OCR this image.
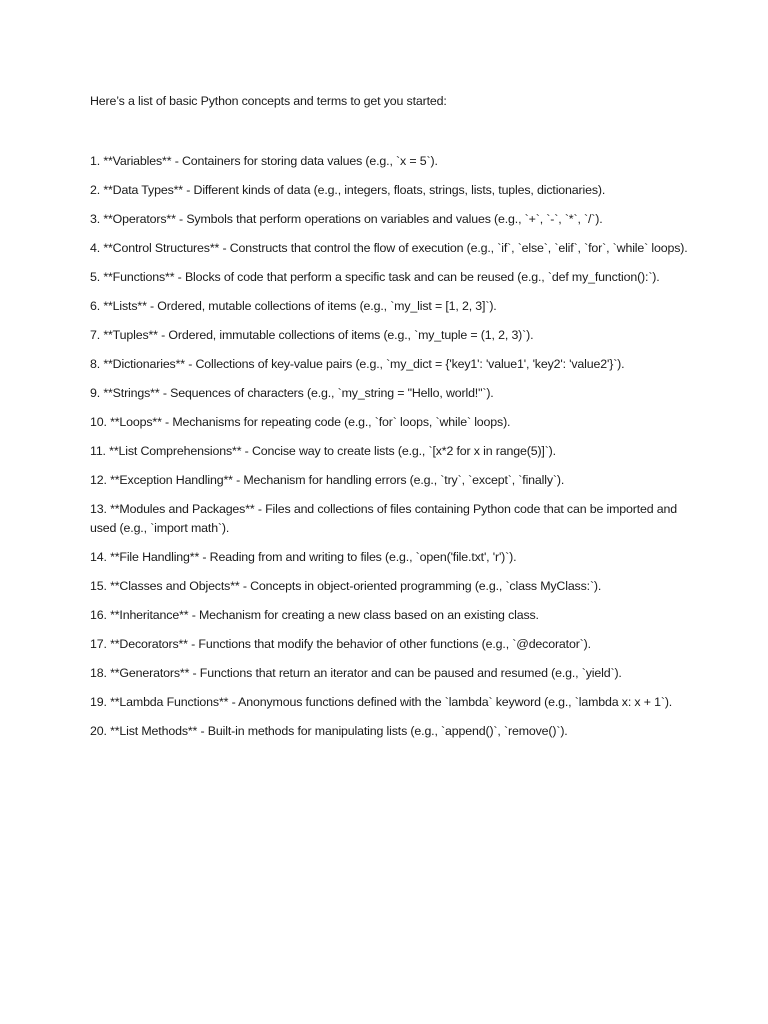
Here’s a list of basic Python concepts and terms to get you started:

1. **Variables** - Containers for storing data values (e.g., `x = 5`).
2. **Data Types** - Different kinds of data (e.g., integers, floats, strings, lists, tuples, dictionaries).
3. **Operators** - Symbols that perform operations on variables and values (e.g., `+`, `-`, `*`, `/`).
4. **Control Structures** - Constructs that control the flow of execution (e.g., `if`, `else`, `elif`, `for`, `while` loops).
5. **Functions** - Blocks of code that perform a specific task and can be reused (e.g., `def my_function():`).
6. **Lists** - Ordered, mutable collections of items (e.g., `my_list = [1, 2, 3]`).
7. **Tuples** - Ordered, immutable collections of items (e.g., `my_tuple = (1, 2, 3)`).
8. **Dictionaries** - Collections of key-value pairs (e.g., `my_dict = {'key1': 'value1', 'key2': 'value2'}`).
9. **Strings** - Sequences of characters (e.g., `my_string = "Hello, world!"`).
10. **Loops** - Mechanisms for repeating code (e.g., `for` loops, `while` loops).
11. **List Comprehensions** - Concise way to create lists (e.g., `[x*2 for x in range(5)]`).
12. **Exception Handling** - Mechanism for handling errors (e.g., `try`, `except`, `finally`).
13. **Modules and Packages** - Files and collections of files containing Python code that can be imported and used (e.g., `import math`).
14. **File Handling** - Reading from and writing to files (e.g., `open('file.txt', 'r')`).
15. **Classes and Objects** - Concepts in object-oriented programming (e.g., `class MyClass:`).
16. **Inheritance** - Mechanism for creating a new class based on an existing class.
17. **Decorators** - Functions that modify the behavior of other functions (e.g., `@decorator`).
18. **Generators** - Functions that return an iterator and can be paused and resumed (e.g., `yield`).
19. **Lambda Functions** - Anonymous functions defined with the `lambda` keyword (e.g., `lambda x: x + 1`).
20. **List Methods** - Built-in methods for manipulating lists (e.g., `append()`, `remove()`).
